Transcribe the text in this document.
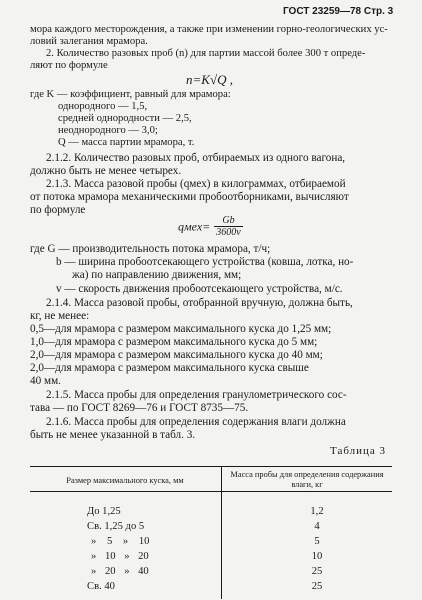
ГОСТ 23259—78 Стр. 3
мора каждого месторождения, а также при изменении горно-геологических ус-
ловий залегания мрамора.
2. Количество разовых проб (n) для партии массой более 300 т опреде-
ляют по формуле
n=K√Q ,
где K — коэффициент, равный для мрамора:
однородного — 1,5,
средней однородности — 2,5,
неоднородного — 3,0;
Q — масса партии мрамора, т.
2.1.2. Количество разовых проб, отбираемых из одного вагона,
должно быть не менее четырех.
2.1.3. Масса разовой пробы (qмех) в килограммах, отбираемой
от потока мрамора механическими пробоотборниками, вычисляют
по формуле
qмех= $\frac{Gb}{3600v}$
где G — производительность потока мрамора, т/ч;
b — ширина пробоотсекающего устройства (ковша, лотка, но-
жа) по направлению движения, мм;
v — скорость движения пробоотсекающего устройства, м/с.
2.1.4. Масса разовой пробы, отобранной вручную, должна быть,
кг, не менее:
0,5—для мрамора с размером максимального куска до 1,25 мм;
1,0—для мрамора с размером максимального куска до 5 мм;
2,0—для мрамора с размером максимального куска до 40 мм;
2,0—для мрамора с размером максимального куска свыше
40 мм.
2.1.5. Масса пробы для определения гранулометрического сос-
тава — по ГОСТ 8269—76 и ГОСТ 8735—75.
2.1.6. Масса пробы для определения содержания влаги должна
быть не менее указанной в табл. 3.
Таблица 3
Размер максимального куска, мм
Масса пробы для определения содержания
влаги, кг
До 1,25	1,2
Св. 1,25 до 5	4
» 5 » 10	5
» 10 » 20	10
» 20 » 40	25
Св. 40	25
